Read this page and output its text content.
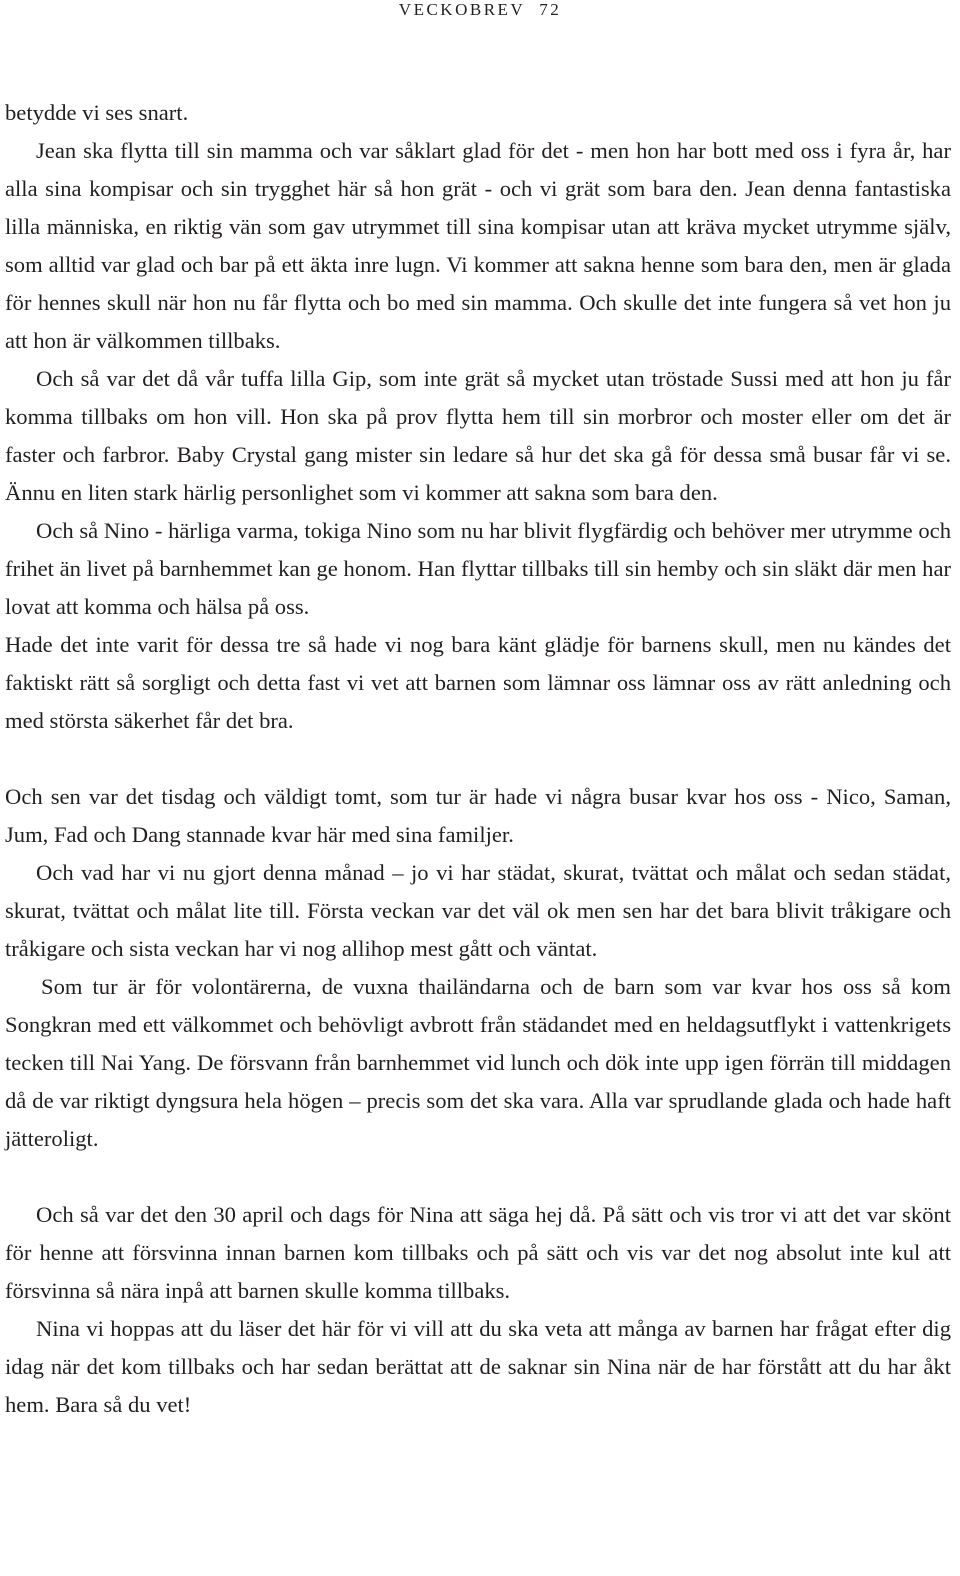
VECKOBREV 72

betydde vi ses snart.

Jean ska flytta till sin mamma och var såklart glad för det - men hon har bott med oss i fyra år, har alla sina kompisar och sin trygghet här så hon grät - och vi grät som bara den. Jean denna fantastiska lilla människa, en riktig vän som gav utrymmet till sina kompisar utan att kräva mycket utrymme själv, som alltid var glad och bar på ett äkta inre lugn. Vi kommer att sakna henne som bara den, men är glada för hennes skull när hon nu får flytta och bo med sin mamma. Och skulle det inte fungera så vet hon ju att hon är välkommen tillbaks.

Och så var det då vår tuffa lilla Gip, som inte grät så mycket utan tröstade Sussi med att hon ju får komma tillbaks om hon vill. Hon ska på prov flytta hem till sin morbror och moster eller om det är faster och farbror. Baby Crystal gang mister sin ledare så hur det ska gå för dessa små busar får vi se. Ännu en liten stark härlig personlighet som vi kommer att sakna som bara den.

Och så Nino - härliga varma, tokiga Nino som nu har blivit flygfärdig och behöver mer utrymme och frihet än livet på barnhemmet kan ge honom. Han flyttar tillbaks till sin hemby och sin släkt där men har lovat att komma och hälsa på oss.

Hade det inte varit för dessa tre så hade vi nog bara känt glädje för barnens skull, men nu kändes det faktiskt rätt så sorgligt och detta fast vi vet att barnen som lämnar oss lämnar oss av rätt anledning och med största säkerhet får det bra.

Och sen var det tisdag och väldigt tomt, som tur är hade vi några busar kvar hos oss - Nico, Saman, Jum, Fad och Dang stannade kvar här med sina familjer.

Och vad har vi nu gjort denna månad – jo vi har städat, skurat, tvättat och målat och sedan städat, skurat, tvättat och målat lite till. Första veckan var det väl ok men sen har det bara blivit tråkigare och tråkigare och sista veckan har vi nog allihop mest gått och väntat.

Som tur är för volontärerna, de vuxna thailändarna och de barn som var kvar hos oss så kom Songkran med ett välkommet och behövligt avbrott från städandet med en heldagsutflykt i vattenkrigets tecken till Nai Yang. De försvann från barnhemmet vid lunch och dök inte upp igen förrän till middagen då de var riktigt dyngsura hela högen – precis som det ska vara. Alla var sprudlande glada och hade haft jätteroligt.

Och så var det den 30 april och dags för Nina att säga hej då. På sätt och vis tror vi att det var skönt för henne att försvinna innan barnen kom tillbaks och på sätt och vis var det nog absolut inte kul att försvinna så nära inpå att barnen skulle komma tillbaks.

Nina vi hoppas att du läser det här för vi vill att du ska veta att många av barnen har frågat efter dig idag när det kom tillbaks och har sedan berättat att de saknar sin Nina när de har förstått att du har åkt hem. Bara så du vet!
